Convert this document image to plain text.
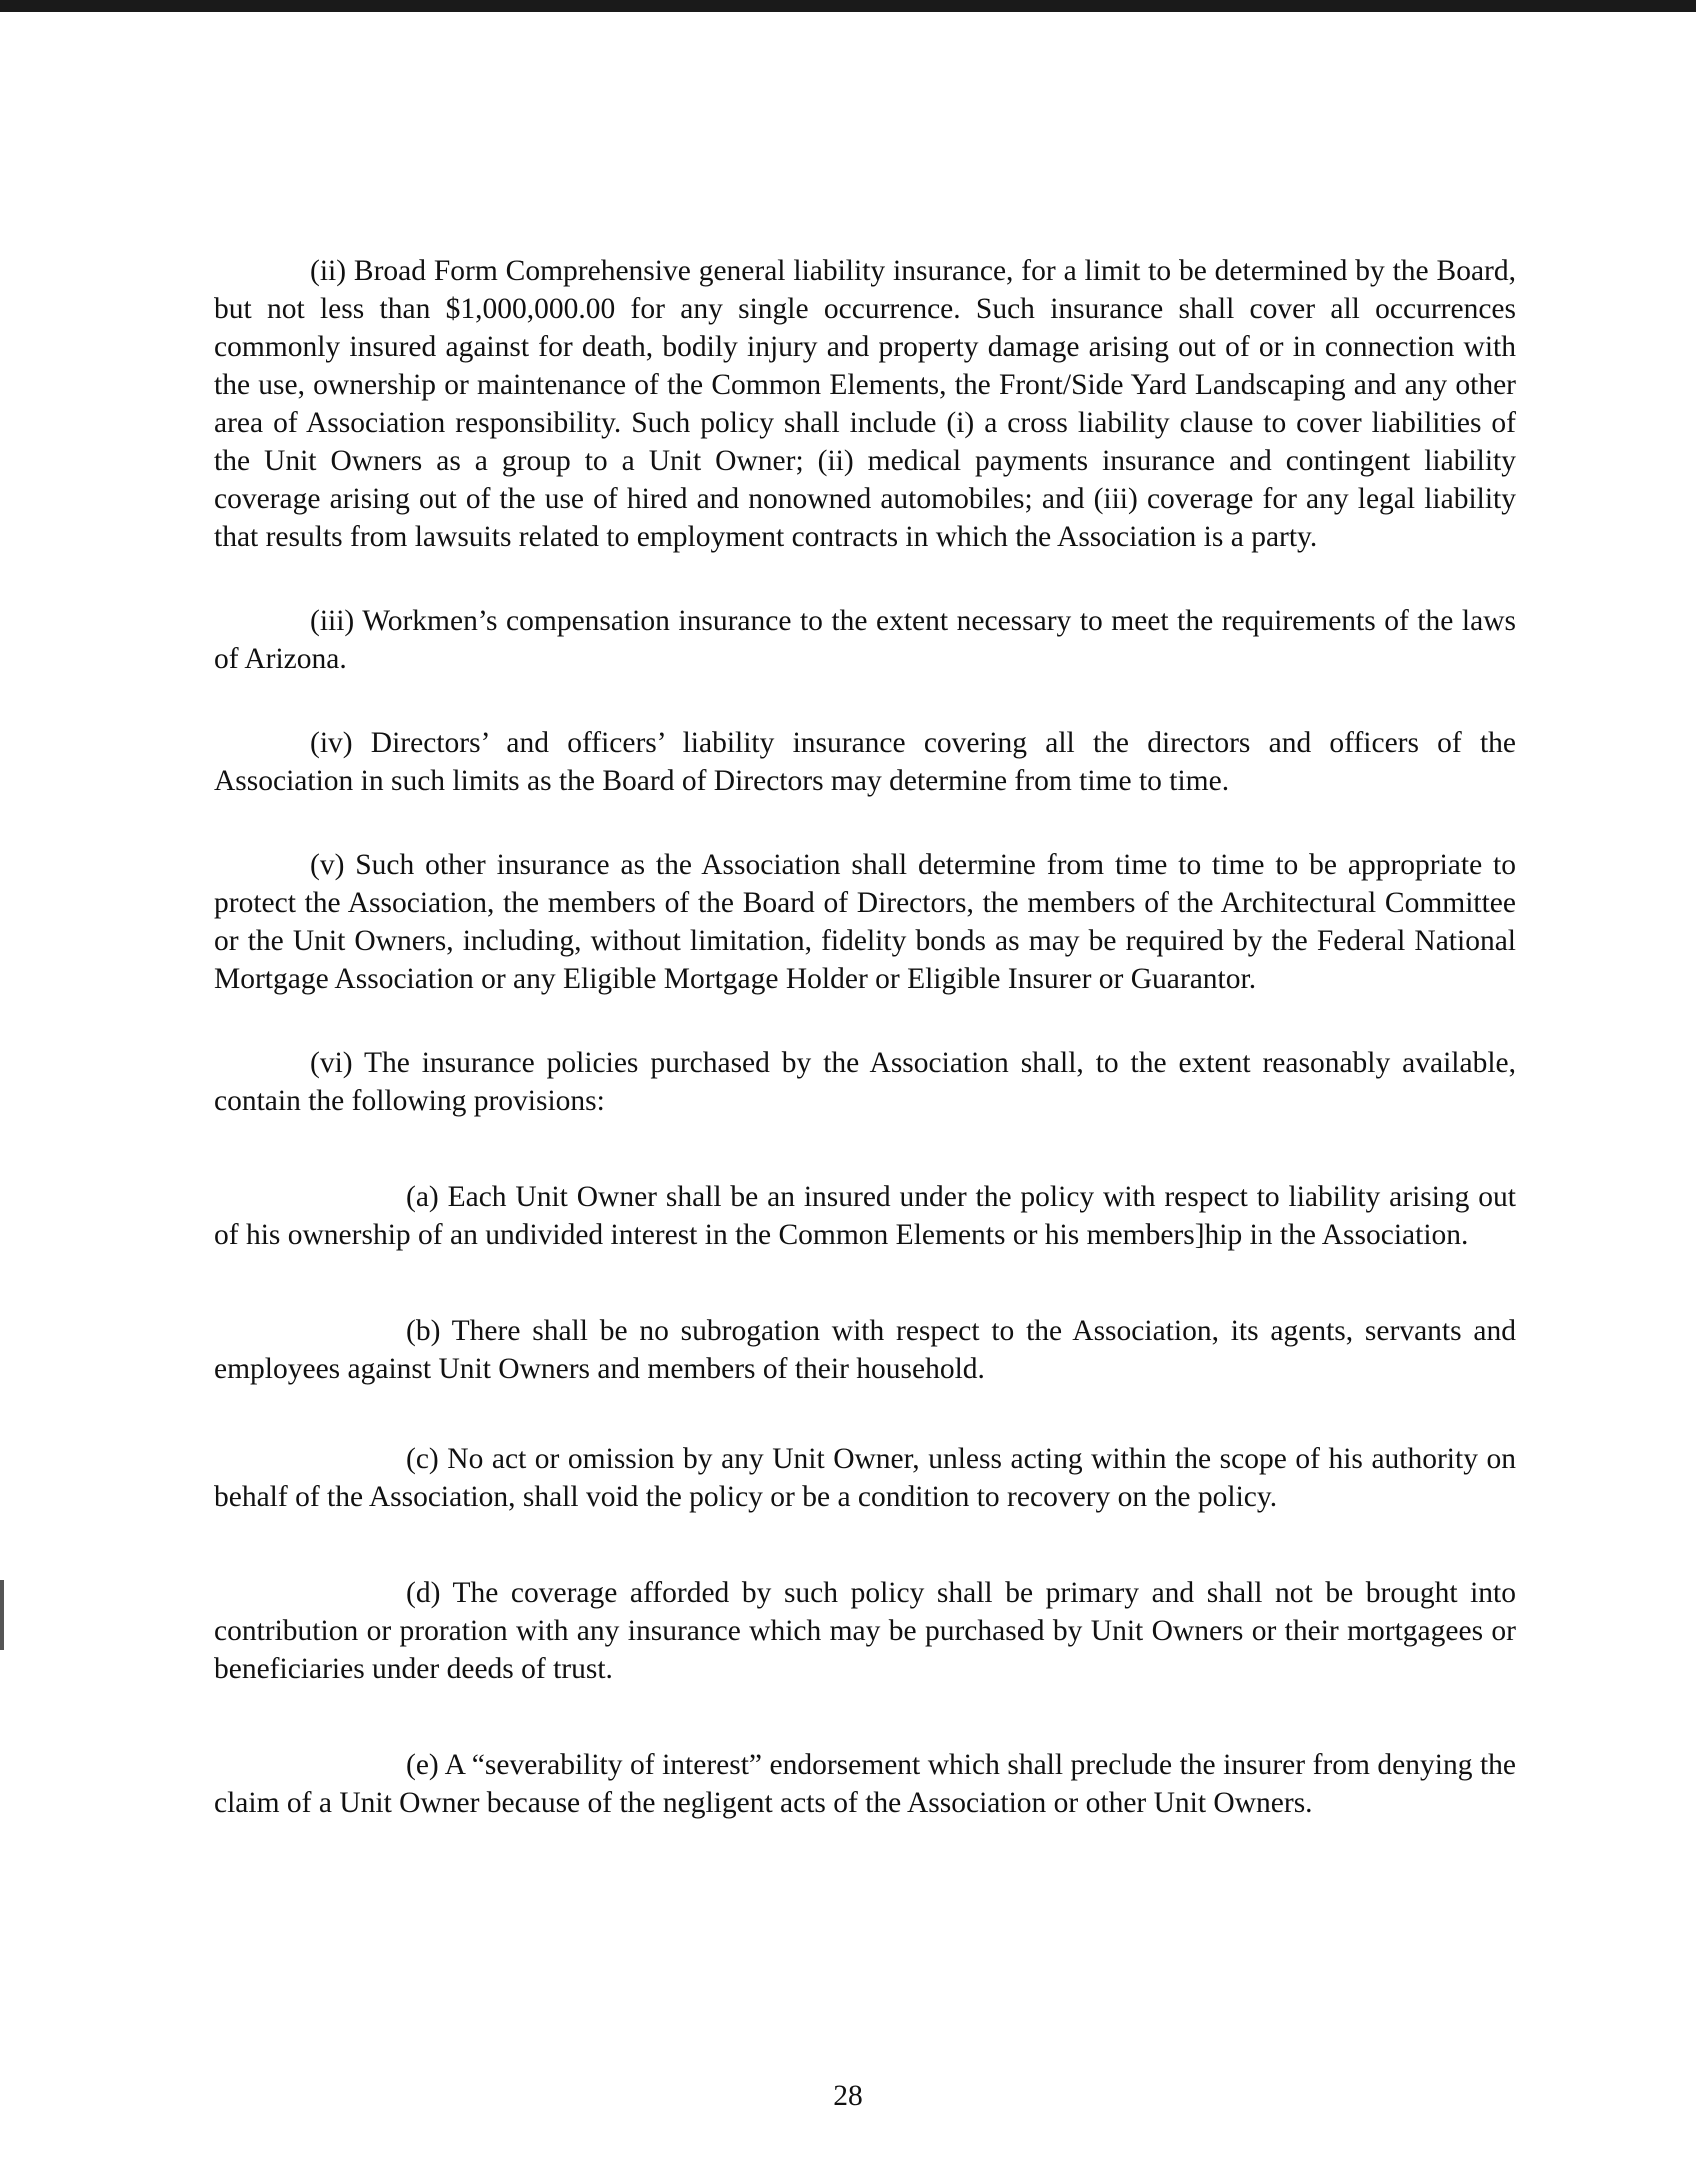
(ii) Broad Form Comprehensive general liability insurance, for a limit to be determined by the Board, but not less than $1,000,000.00 for any single occurrence. Such insurance shall cover all occurrences commonly insured against for death, bodily injury and property damage arising out of or in connection with the use, ownership or maintenance of the Common Elements, the Front/Side Yard Landscaping and any other area of Association responsibility. Such policy shall include (i) a cross liability clause to cover liabilities of the Unit Owners as a group to a Unit Owner; (ii) medical payments insurance and contingent liability coverage arising out of the use of hired and nonowned automobiles; and (iii) coverage for any legal liability that results from lawsuits related to employment contracts in which the Association is a party.

(iii) Workmen’s compensation insurance to the extent necessary to meet the requirements of the laws of Arizona.

(iv) Directors’ and officers’ liability insurance covering all the directors and officers of the Association in such limits as the Board of Directors may determine from time to time.

(v) Such other insurance as the Association shall determine from time to time to be appropriate to protect the Association, the members of the Board of Directors, the members of the Architectural Committee or the Unit Owners, including, without limitation, fidelity bonds as may be required by the Federal National Mortgage Association or any Eligible Mortgage Holder or Eligible Insurer or Guarantor.

(vi) The insurance policies purchased by the Association shall, to the extent reasonably available, contain the following provisions:

(a) Each Unit Owner shall be an insured under the policy with respect to liability arising out of his ownership of an undivided interest in the Common Elements or his members]hip in the Association.

(b) There shall be no subrogation with respect to the Association, its agents, servants and employees against Unit Owners and members of their household.

(c) No act or omission by any Unit Owner, unless acting within the scope of his authority on behalf of the Association, shall void the policy or be a condition to recovery on the policy.

(d) The coverage afforded by such policy shall be primary and shall not be brought into contribution or proration with any insurance which may be purchased by Unit Owners or their mortgagees or beneficiaries under deeds of trust.

(e) A “severability of interest” endorsement which shall preclude the insurer from denying the claim of a Unit Owner because of the negligent acts of the Association or other Unit Owners.

28
